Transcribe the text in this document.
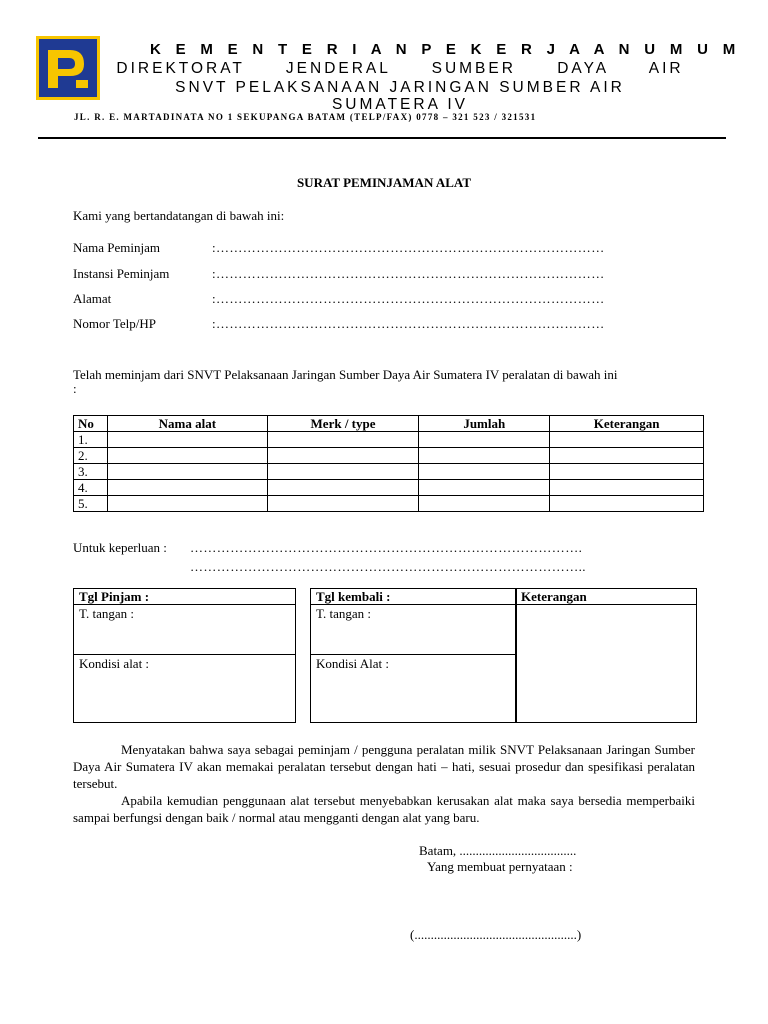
K E M E N T E R I A N P E K E R J A A N U M U M
DIREKTORAT JENDERAL SUMBER DAYA AIR
SNVT PELAKSANAAN JARINGAN SUMBER AIR
SUMATERA IV
JL. R. E. MARTADINATA NO 1 SEKUPANGA BATAM (TELP/FAX) 0778 – 321 523 / 321531
SURAT PEMINJAMAN ALAT
Kami yang bertandatangan di bawah ini:
Nama Peminjam	:……………………………………………………………………………
Instansi Peminjam	:……………………………………………………………………………
Alamat	:……………………………………………………………………………
Nomor Telp/HP	:……………………………………………………………………………
Telah meminjam dari SNVT Pelaksanaan Jaringan Sumber Daya Air Sumatera IV peralatan di bawah ini
:
No	Nama alat	Merk / type	Jumlah	Keterangan
1.				
2.				
3.				
4.				
5.				
Untuk keperluan : …………………………………………………………………………….
……………………………………………………………………………..
Tgl Pinjam :
T. tangan :
Kondisi alat :
Tgl kembali :
T. tangan :
Kondisi Alat :
Keterangan
Menyatakan bahwa saya sebagai peminjam / pengguna peralatan milik SNVT Pelaksanaan Jaringan Sumber Daya Air Sumatera IV akan memakai peralatan tersebut dengan hati – hati, sesuai prosedur dan spesifikasi peralatan tersebut.
Apabila kemudian penggunaan alat tersebut menyebabkan kerusakan alat maka saya bersedia memperbaiki sampai berfungsi dengan baik / normal atau mengganti dengan alat yang baru.
Batam, ....................................
Yang membuat pernyataan :
(..................................................)
